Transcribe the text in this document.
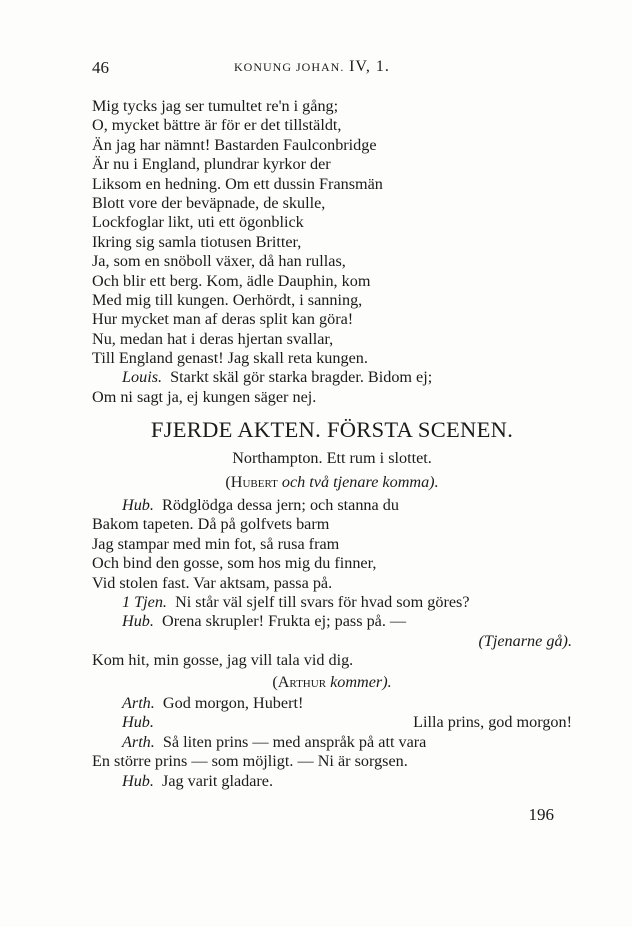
46	KONUNG JOHAN. IV, 1.
Mig tycks jag ser tumultet re'n i gång;
O, mycket bättre är för er det tillstäldt,
Än jag har nämnt! Bastarden Faulconbridge
Är nu i England, plundrar kyrkor der
Liksom en hedning. Om ett dussin Fransmän
Blott vore der beväpnade, de skulle,
Lockfoglar likt, uti ett ögonblick
Ikring sig samla tiotusen Britter,
Ja, som en snöboll växer, då han rullas,
Och blir ett berg. Kom, ädle Dauphin, kom
Med mig till kungen. Oerhördt, i sanning,
Hur mycket man af deras split kan göra!
Nu, medan hat i deras hjertan svallar,
Till England genast! Jag skall reta kungen.
Louis. Starkt skäl gör starka bragder. Bidom ej;
Om ni sagt ja, ej kungen säger nej.
FJERDE AKTEN. FÖRSTA SCENEN.
Northampton. Ett rum i slottet.
(Hubert och två tjenare komma).
Hub. Rödglödga dessa jern; och stanna du
Bakom tapeten. Då på golfvets barm
Jag stampar med min fot, så rusa fram
Och bind den gosse, som hos mig du finner,
Vid stolen fast. Var aktsam, passa på.
1 Tjen. Ni står väl sjelf till svars för hvad som göres?
Hub. Orena skrupler! Frukta ej; pass på. —
(Tjenarne gå).
Kom hit, min gosse, jag vill tala vid dig.
(Arthur kommer).
Arth. God morgon, Hubert!
Hub.	Lilla prins, god morgon!
Arth. Så liten prins — med anspråk på att vara
En större prins — som möjligt. — Ni är sorgsen.
Hub. Jag varit gladare.
196
